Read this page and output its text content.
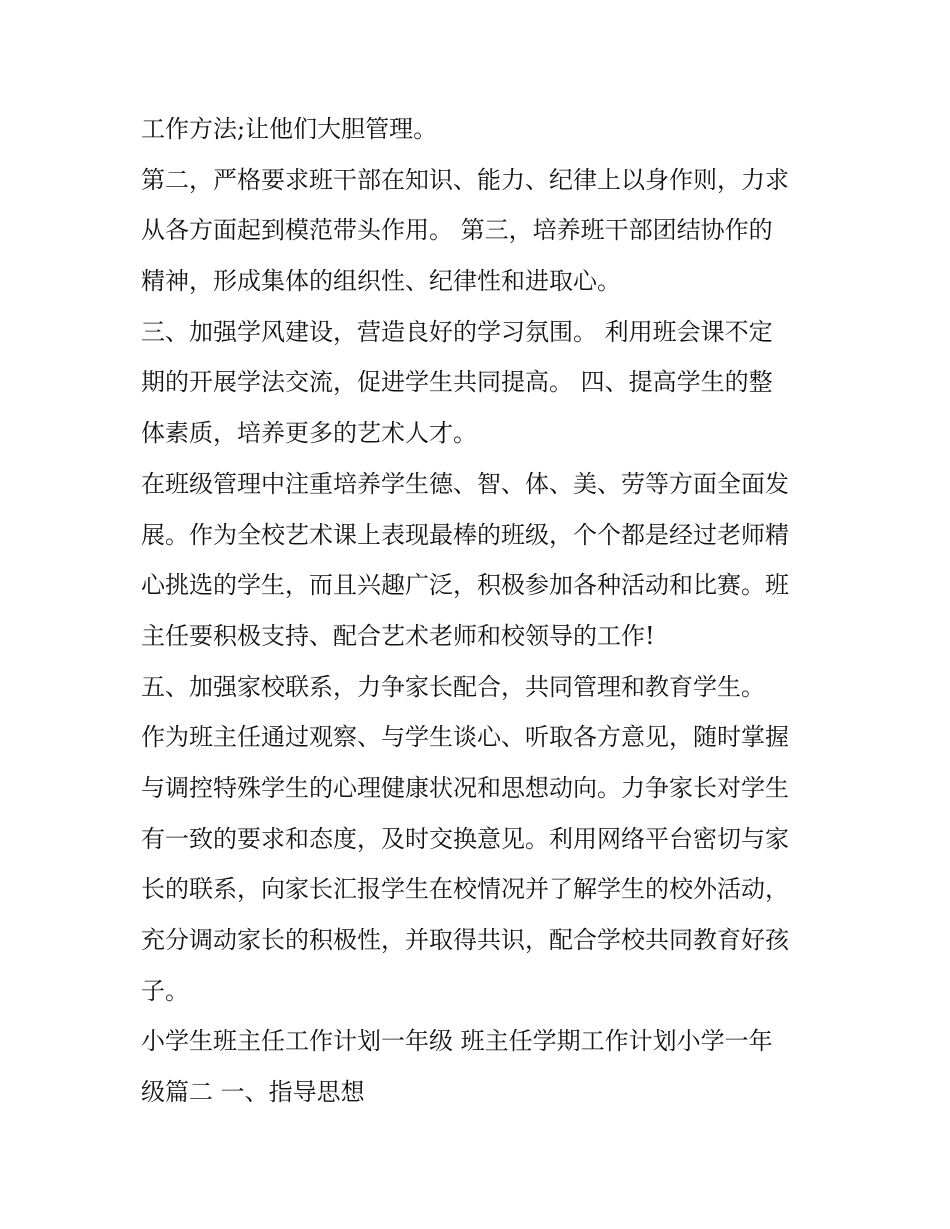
工作方法;让他们大胆管理。
第二，严格要求班干部在知识、能力、纪律上以身作则，力求
从各方面起到模范带头作用。 第三，培养班干部团结协作的
精神，形成集体的组织性、纪律性和进取心。
三、加强学风建设，营造良好的学习氛围。 利用班会课不定
期的开展学法交流，促进学生共同提高。 四、提高学生的整
体素质，培养更多的艺术人才。
在班级管理中注重培养学生德、智、体、美、劳等方面全面发
展。作为全校艺术课上表现最棒的班级，个个都是经过老师精
心挑选的学生，而且兴趣广泛，积极参加各种活动和比赛。班
主任要积极支持、配合艺术老师和校领导的工作!
五、加强家校联系，力争家长配合，共同管理和教育学生。
作为班主任通过观察、与学生谈心、听取各方意见，随时掌握
与调控特殊学生的心理健康状况和思想动向。力争家长对学生
有一致的要求和态度，及时交换意见。利用网络平台密切与家
长的联系，向家长汇报学生在校情况并了解学生的校外活动，
充分调动家长的积极性，并取得共识，配合学校共同教育好孩
子。
小学生班主任工作计划一年级 班主任学期工作计划小学一年
级篇二 一、指导思想
